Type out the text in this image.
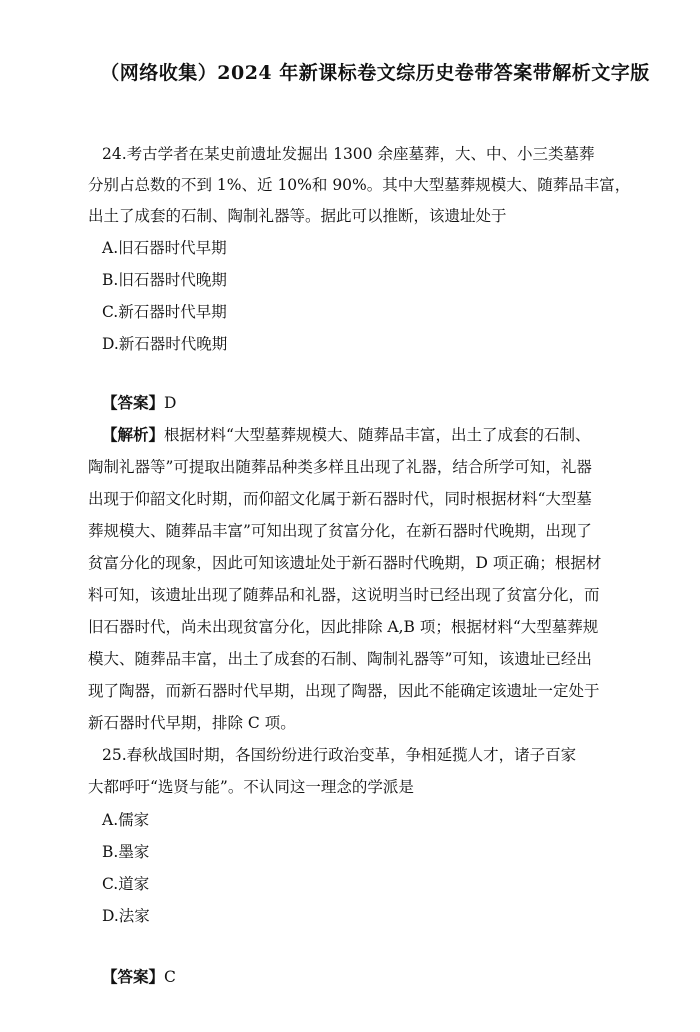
（网络收集）2024 年新课标卷文综历史卷带答案带解析文字版
24.考古学者在某史前遗址发掘出 1300 余座墓葬，大、中、小三类墓葬
分别占总数的不到 1%、近 10%和 90%。其中大型墓葬规模大、随葬品丰富，
出土了成套的石制、陶制礼器等。据此可以推断，该遗址处于
A.旧石器时代早期
B.旧石器时代晚期
C.新石器时代早期
D.新石器时代晚期
【答案】D
【解析】根据材料“大型墓葬规模大、随葬品丰富，出土了成套的石制、
陶制礼器等”可提取出随葬品种类多样且出现了礼器，结合所学可知，礼器
出现于仰韶文化时期，而仰韶文化属于新石器时代，同时根据材料“大型墓
葬规模大、随葬品丰富”可知出现了贫富分化，在新石器时代晚期，出现了
贫富分化的现象，因此可知该遗址处于新石器时代晚期，D 项正确；根据材
料可知，该遗址出现了随葬品和礼器，这说明当时已经出现了贫富分化，而
旧石器时代，尚未出现贫富分化，因此排除 A,B 项；根据材料“大型墓葬规
模大、随葬品丰富，出土了成套的石制、陶制礼器等”可知，该遗址已经出
现了陶器，而新石器时代早期，出现了陶器，因此不能确定该遗址一定处于
新石器时代早期，排除 C 项。
25.春秋战国时期，各国纷纷进行政治变革，争相延揽人才，诸子百家
大都呼吁“选贤与能”。不认同这一理念的学派是
A.儒家
B.墨家
C.道家
D.法家
【答案】C
